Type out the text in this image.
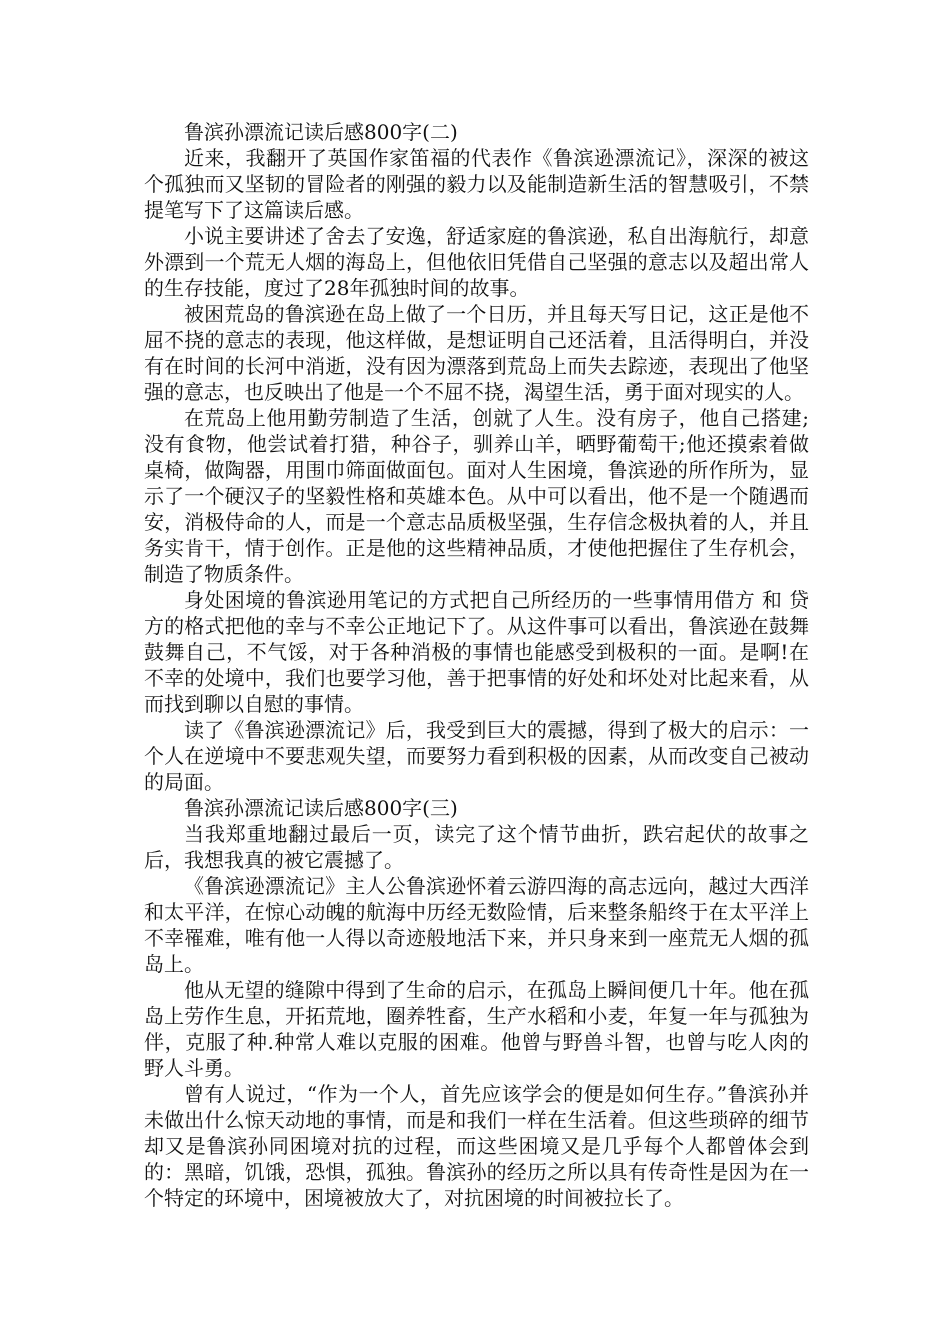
鲁滨孙漂流记读后感800字(二)

近来，我翻开了英国作家笛福的代表作《鲁滨逊漂流记》，深深的被这个孤独而又坚韧的冒险者的刚强的毅力以及能制造新生活的智慧吸引，不禁提笔写下了这篇读后感。

小说主要讲述了舍去了安逸，舒适家庭的鲁滨逊，私自出海航行，却意外漂到一个荒无人烟的海岛上，但他依旧凭借自己坚强的意志以及超出常人的生存技能，度过了28年孤独时间的故事。

被困荒岛的鲁滨逊在岛上做了一个日历，并且每天写日记，这正是他不屈不挠的意志的表现，他这样做，是想证明自己还活着，且活得明白，并没有在时间的长河中消逝，没有因为漂落到荒岛上而失去踪迹，表现出了他坚强的意志，也反映出了他是一个不屈不挠，渴望生活，勇于面对现实的人。

在荒岛上他用勤劳制造了生活，创就了人生。没有房子，他自己搭建;没有食物，他尝试着打猎，种谷子，驯养山羊，晒野葡萄干;他还摸索着做桌椅，做陶器，用围巾筛面做面包。面对人生困境，鲁滨逊的所作所为，显示了一个硬汉子的坚毅性格和英雄本色。从中可以看出，他不是一个随遇而安，消极侍命的人，而是一个意志品质极坚强，生存信念极执着的人，并且务实肯干，情于创作。正是他的这些精神品质，才使他把握住了生存机会，制造了物质条件。

身处困境的鲁滨逊用笔记的方式把自己所经历的一些事情用借方 和 贷方的格式把他的幸与不幸公正地记下了。从这件事可以看出，鲁滨逊在鼓舞鼓舞自己，不气馁，对于各种消极的事情也能感受到极积的一面。是啊!在不幸的处境中，我们也要学习他，善于把事情的好处和坏处对比起来看，从而找到聊以自慰的事情。

读了《鲁滨逊漂流记》后，我受到巨大的震撼，得到了极大的启示：一个人在逆境中不要悲观失望，而要努力看到积极的因素，从而改变自己被动的局面。

鲁滨孙漂流记读后感800字(三)

当我郑重地翻过最后一页，读完了这个情节曲折，跌宕起伏的故事之后，我想我真的被它震撼了。

《鲁滨逊漂流记》主人公鲁滨逊怀着云游四海的高志远向，越过大西洋和太平洋，在惊心动魄的航海中历经无数险情，后来整条船终于在太平洋上不幸罹难，唯有他一人得以奇迹般地活下来，并只身来到一座荒无人烟的孤岛上。

他从无望的缝隙中得到了生命的启示，在孤岛上瞬间便几十年。他在孤岛上劳作生息，开拓荒地，圈养牲畜，生产水稻和小麦，年复一年与孤独为伴，克服了种.种常人难以克服的困难。他曾与野兽斗智，也曾与吃人肉的野人斗勇。

曾有人说过，“作为一个人，首先应该学会的便是如何生存。”鲁滨孙并未做出什么惊天动地的事情，而是和我们一样在生活着。但这些琐碎的细节却又是鲁滨孙同困境对抗的过程，而这些困境又是几乎每个人都曾体会到的：黑暗，饥饿，恐惧，孤独。鲁滨孙的经历之所以具有传奇性是因为在一个特定的环境中，困境被放大了，对抗困境的时间被拉长了。
